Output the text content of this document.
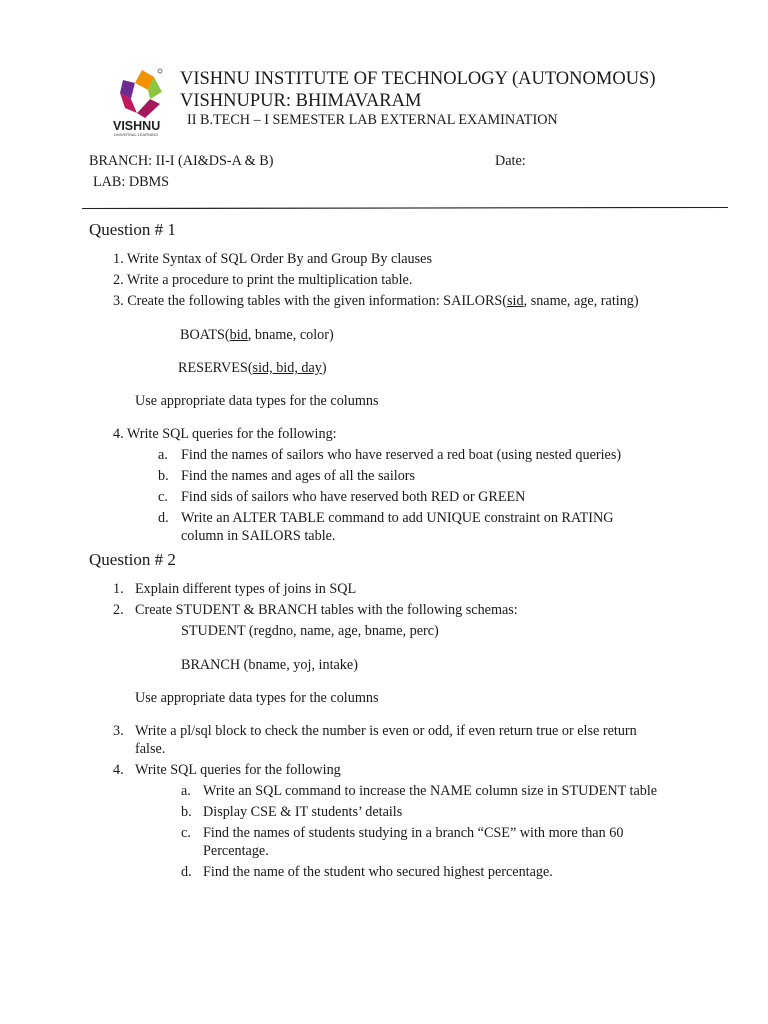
VISHNU
UNIVERSAL LEARNING
VISHNU INSTITUTE OF TECHNOLOGY (AUTONOMOUS)
VISHNUPUR: BHIMAVARAM
II B.TECH – I SEMESTER LAB EXTERNAL EXAMINATION
BRANCH: II-I (AI&DS-A & B)	Date:
LAB: DBMS
Question # 1
1. Write Syntax of SQL Order By and Group By clauses
2. Write a procedure to print the multiplication table.
3. Create the following tables with the given information: SAILORS(sid, sname, age, rating)
BOATS(bid, bname, color)
RESERVES(sid, bid, day)
Use appropriate data types for the columns
4. Write SQL queries for the following:
a. Find the names of sailors who have reserved a red boat (using nested queries)
b. Find the names and ages of all the sailors
c. Find sids of sailors who have reserved both RED or GREEN
d. Write an ALTER TABLE command to add UNIQUE constraint on RATING
column in SAILORS table.
Question # 2
1. Explain different types of joins in SQL
2. Create STUDENT & BRANCH tables with the following schemas:
STUDENT (regdno, name, age, bname, perc)
BRANCH (bname, yoj, intake)
Use appropriate data types for the columns
3. Write a pl/sql block to check the number is even or odd, if even return true or else return
false.
4. Write SQL queries for the following
a. Write an SQL command to increase the NAME column size in STUDENT table
b. Display CSE & IT students’ details
c. Find the names of students studying in a branch “CSE” with more than 60
Percentage.
d. Find the name of the student who secured highest percentage.
